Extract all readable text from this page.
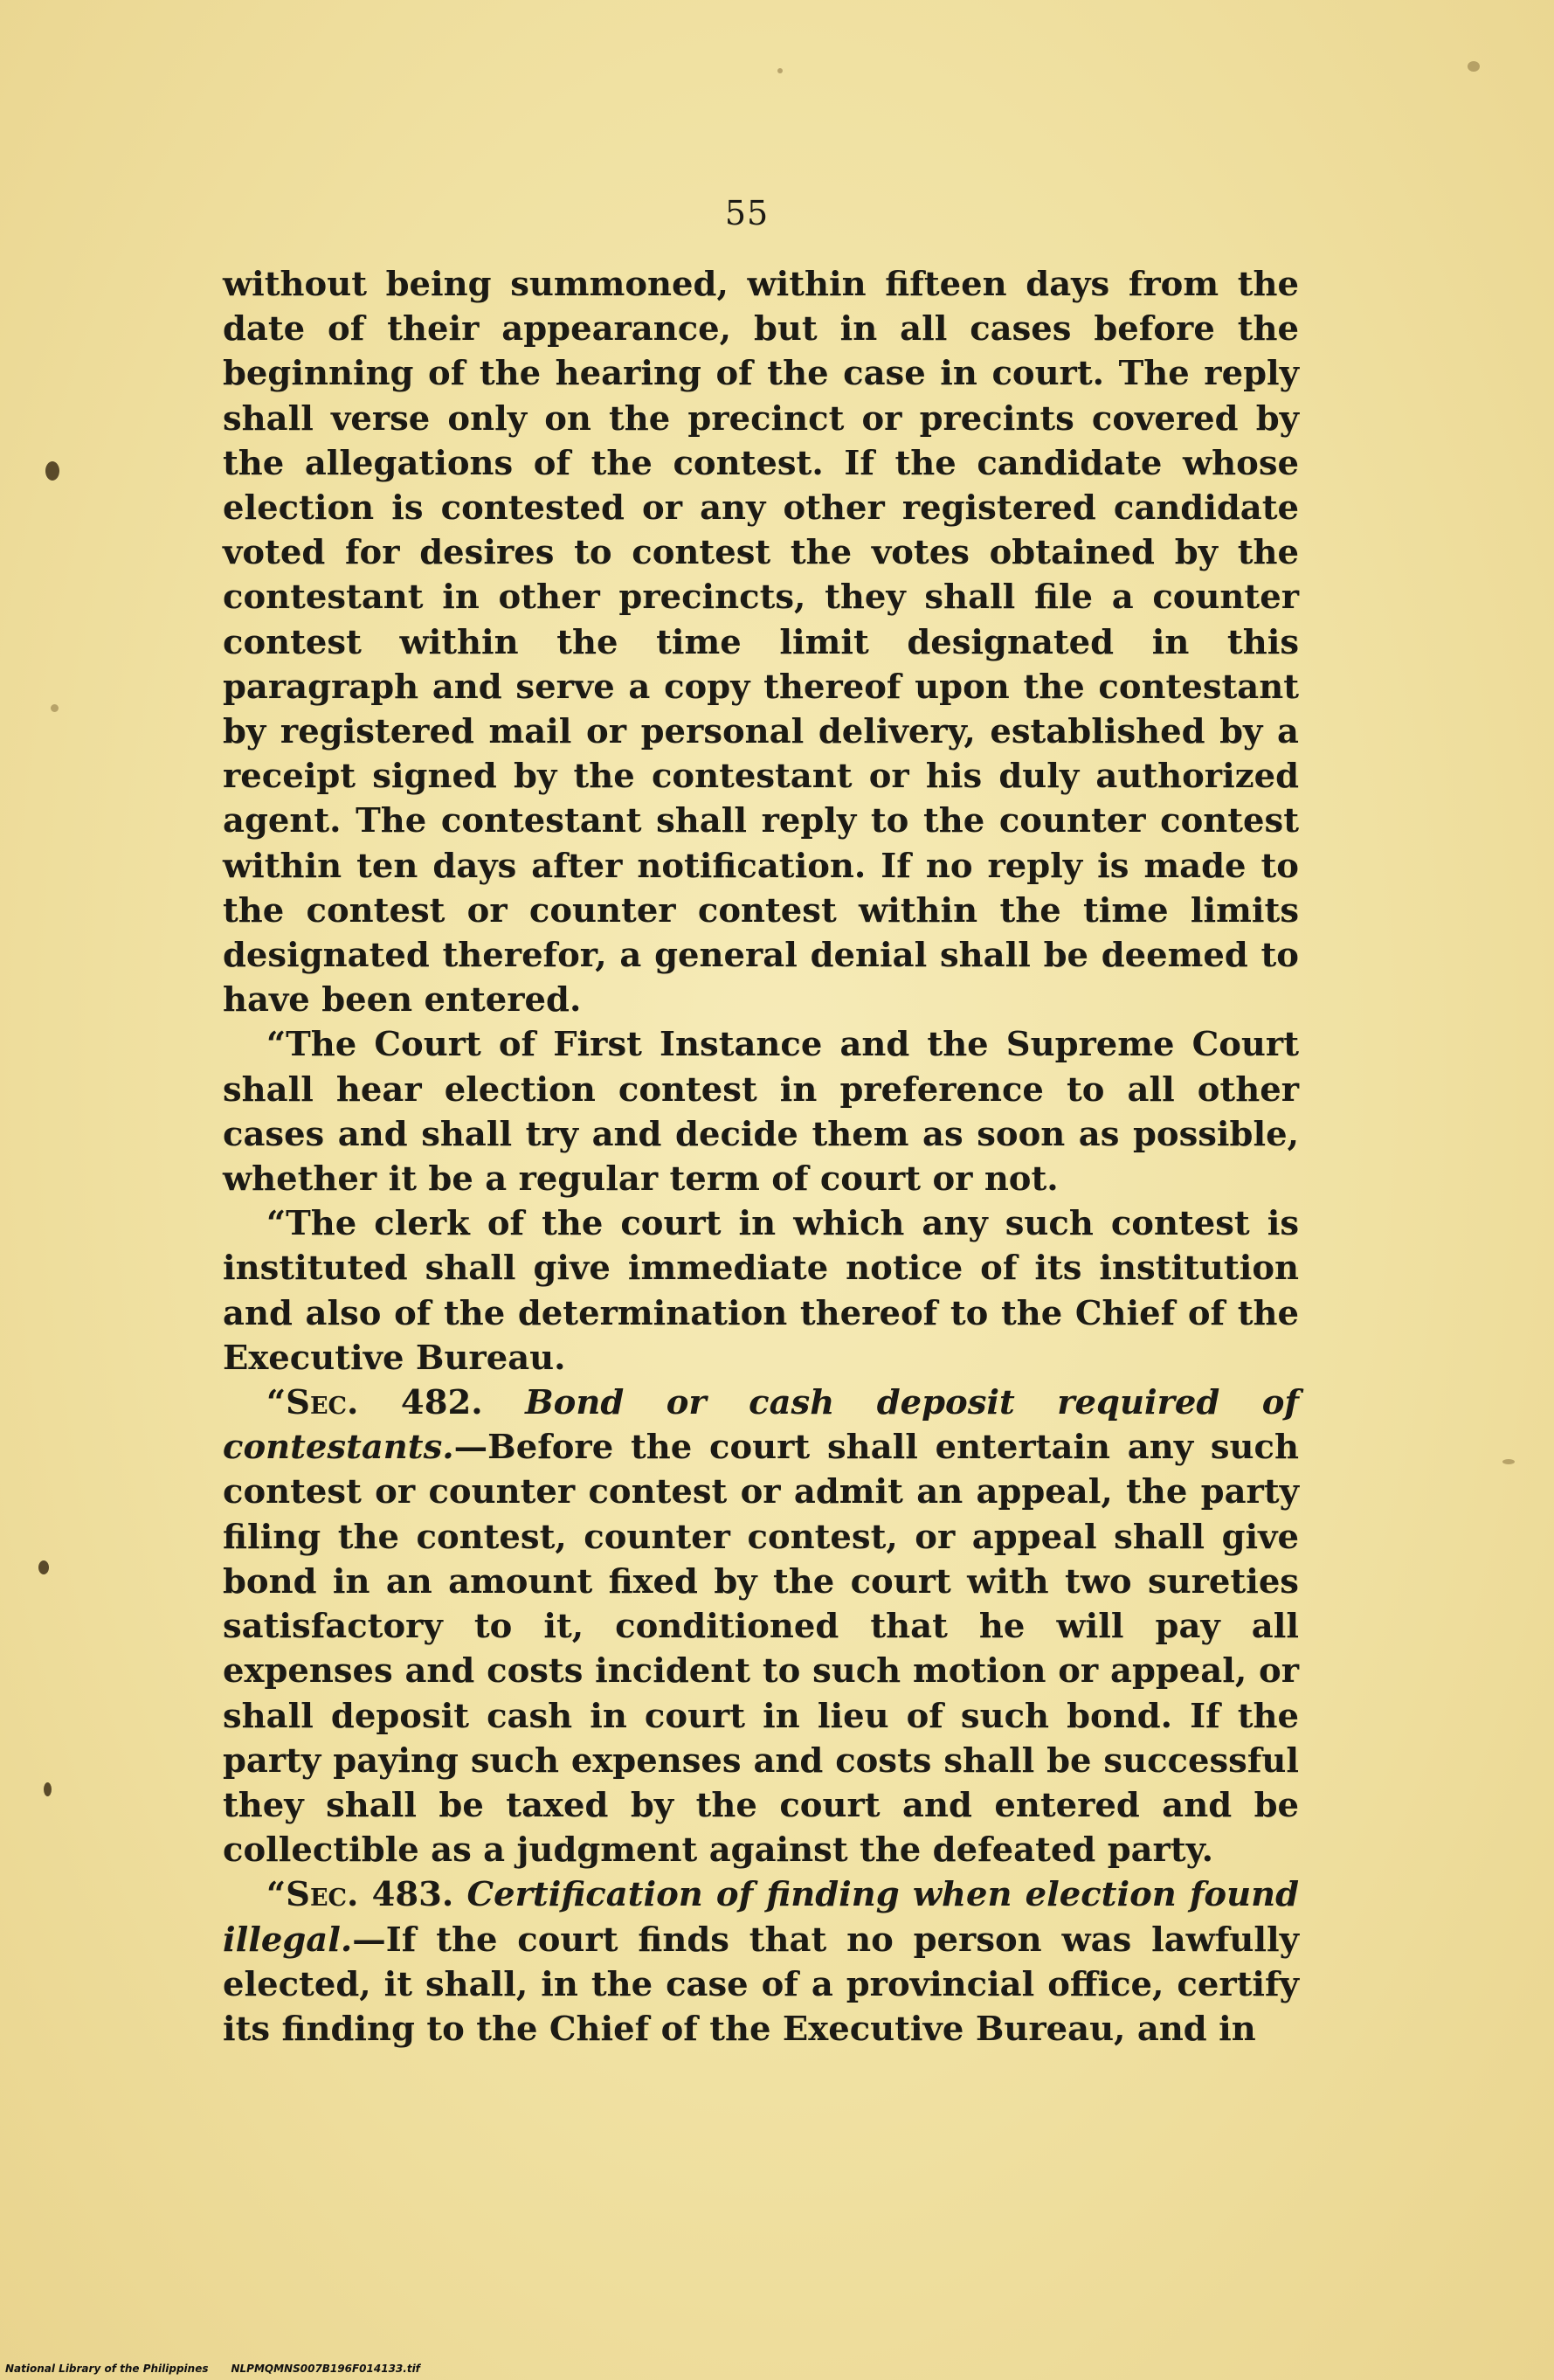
55

without being summoned, within fifteen days from the date of their appearance, but in all cases before the beginning of the hearing of the case in court. The reply shall verse only on the precinct or precints covered by the allegations of the contest. If the candidate whose election is contested or any other registered candidate voted for desires to contest the votes obtained by the contestant in other precincts, they shall file a counter contest within the time limit designated in this paragraph and serve a copy thereof upon the contestant by registered mail or personal delivery, established by a receipt signed by the contestant or his duly authorized agent. The contestant shall reply to the counter contest within ten days after notification. If no reply is made to the contest or counter contest within the time limits designated therefor, a general denial shall be deemed to have been entered.

“The Court of First Instance and the Supreme Court shall hear election contest in preference to all other cases and shall try and decide them as soon as possible, whether it be a regular term of court or not.

“The clerk of the court in which any such contest is instituted shall give immediate notice of its institution and also of the determination thereof to the Chief of the Executive Bureau.

“Sec. 482. Bond or cash deposit required of contestants.—Before the court shall entertain any such contest or counter contest or admit an appeal, the party filing the contest, counter contest, or appeal shall give bond in an amount fixed by the court with two sureties satisfactory to it, conditioned that he will pay all expenses and costs incident to such motion or appeal, or shall deposit cash in court in lieu of such bond. If the party paying such expenses and costs shall be successful they shall be taxed by the court and entered and be collectible as a judgment against the defeated party.

“Sec. 483. Certification of finding when election found illegal.—If the court finds that no person was lawfully elected, it shall, in the case of a provincial office, certify its finding to the Chief of the Executive Bureau, and in

National Library of the Philippines NLPMQMNS007B196F014133.tif
